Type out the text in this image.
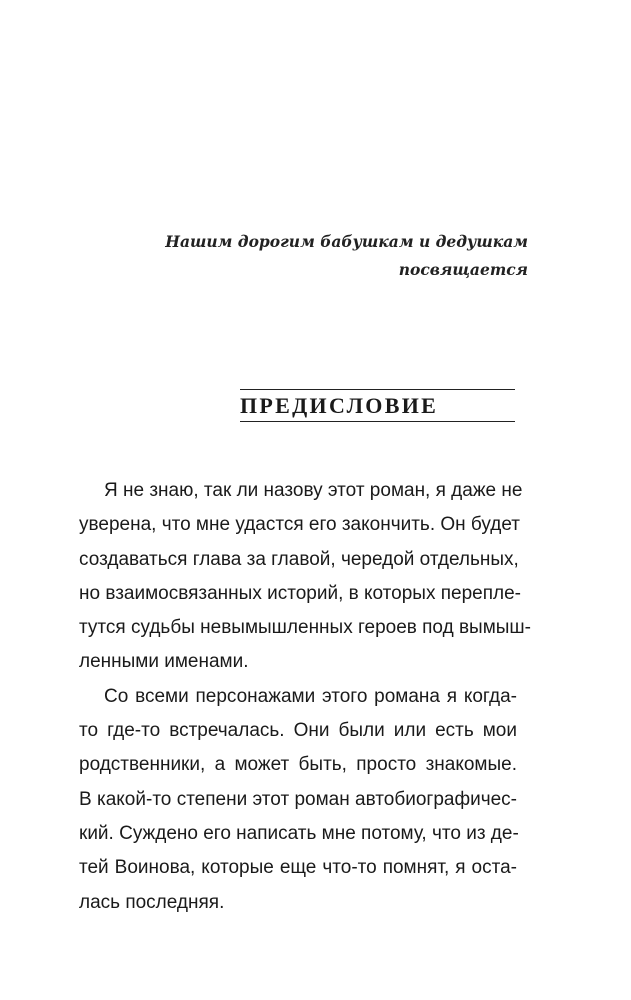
Нашим дорогим бабушкам и дедушкам
посвящается
ПРЕДИСЛОВИЕ
Я не знаю, так ли назову этот роман, я даже не
уверена, что мне удастся его закончить. Он будет
создаваться глава за главой, чередой отдельных,
но взаимосвязанных историй, в которых перепле-
тутся судьбы невымышленных героев под вымыш-
ленными именами.
Со всеми персонажами этого романа я когда-
то где-то встречалась. Они были или есть мои
родственники, а может быть, просто знакомые.
В какой-то степени этот роман автобиографичес-
кий. Суждено его написать мне потому, что из де-
тей Воинова, которые еще что-то помнят, я оста-
лась последняя.
